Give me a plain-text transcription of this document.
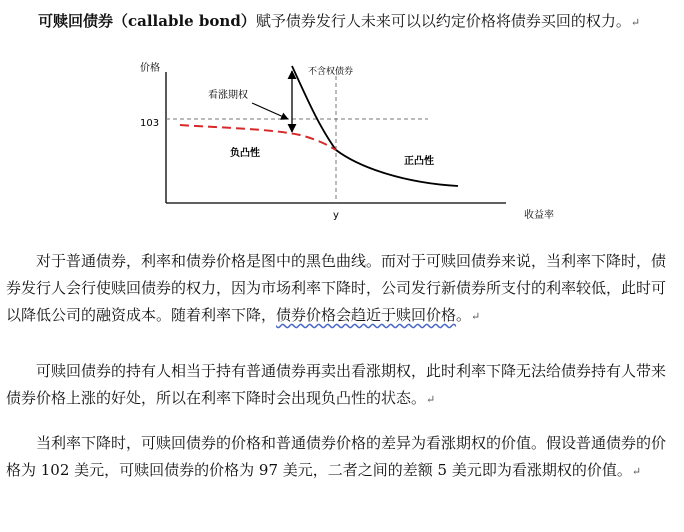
可赎回债券（callable bond）赋予债券发行人未来可以以约定价格将债券买回的权力。↵
价格
收益率
103
y
看涨期权
不含权债券
负凸性
正凸性

对于普通债券，利率和债券价格是图中的黑色曲线。而对于可赎回债券来说，当利率下降时，债券发行人会行使赎回债券的权力，因为市场利率下降时，公司发行新债券所支付的利率较低，此时可以降低公司的融资成本。随着利率下降，债券价格会趋近于赎回价格。↵

可赎回债券的持有人相当于持有普通债券再卖出看涨期权，此时利率下降无法给债券持有人带来债券价格上涨的好处，所以在利率下降时会出现负凸性的状态。↵

当利率下降时，可赎回债券的价格和普通债券价格的差异为看涨期权的价值。假设普通债券的价格为 102 美元，可赎回债券的价格为 97 美元，二者之间的差额 5 美元即为看涨期权的价值。↵
